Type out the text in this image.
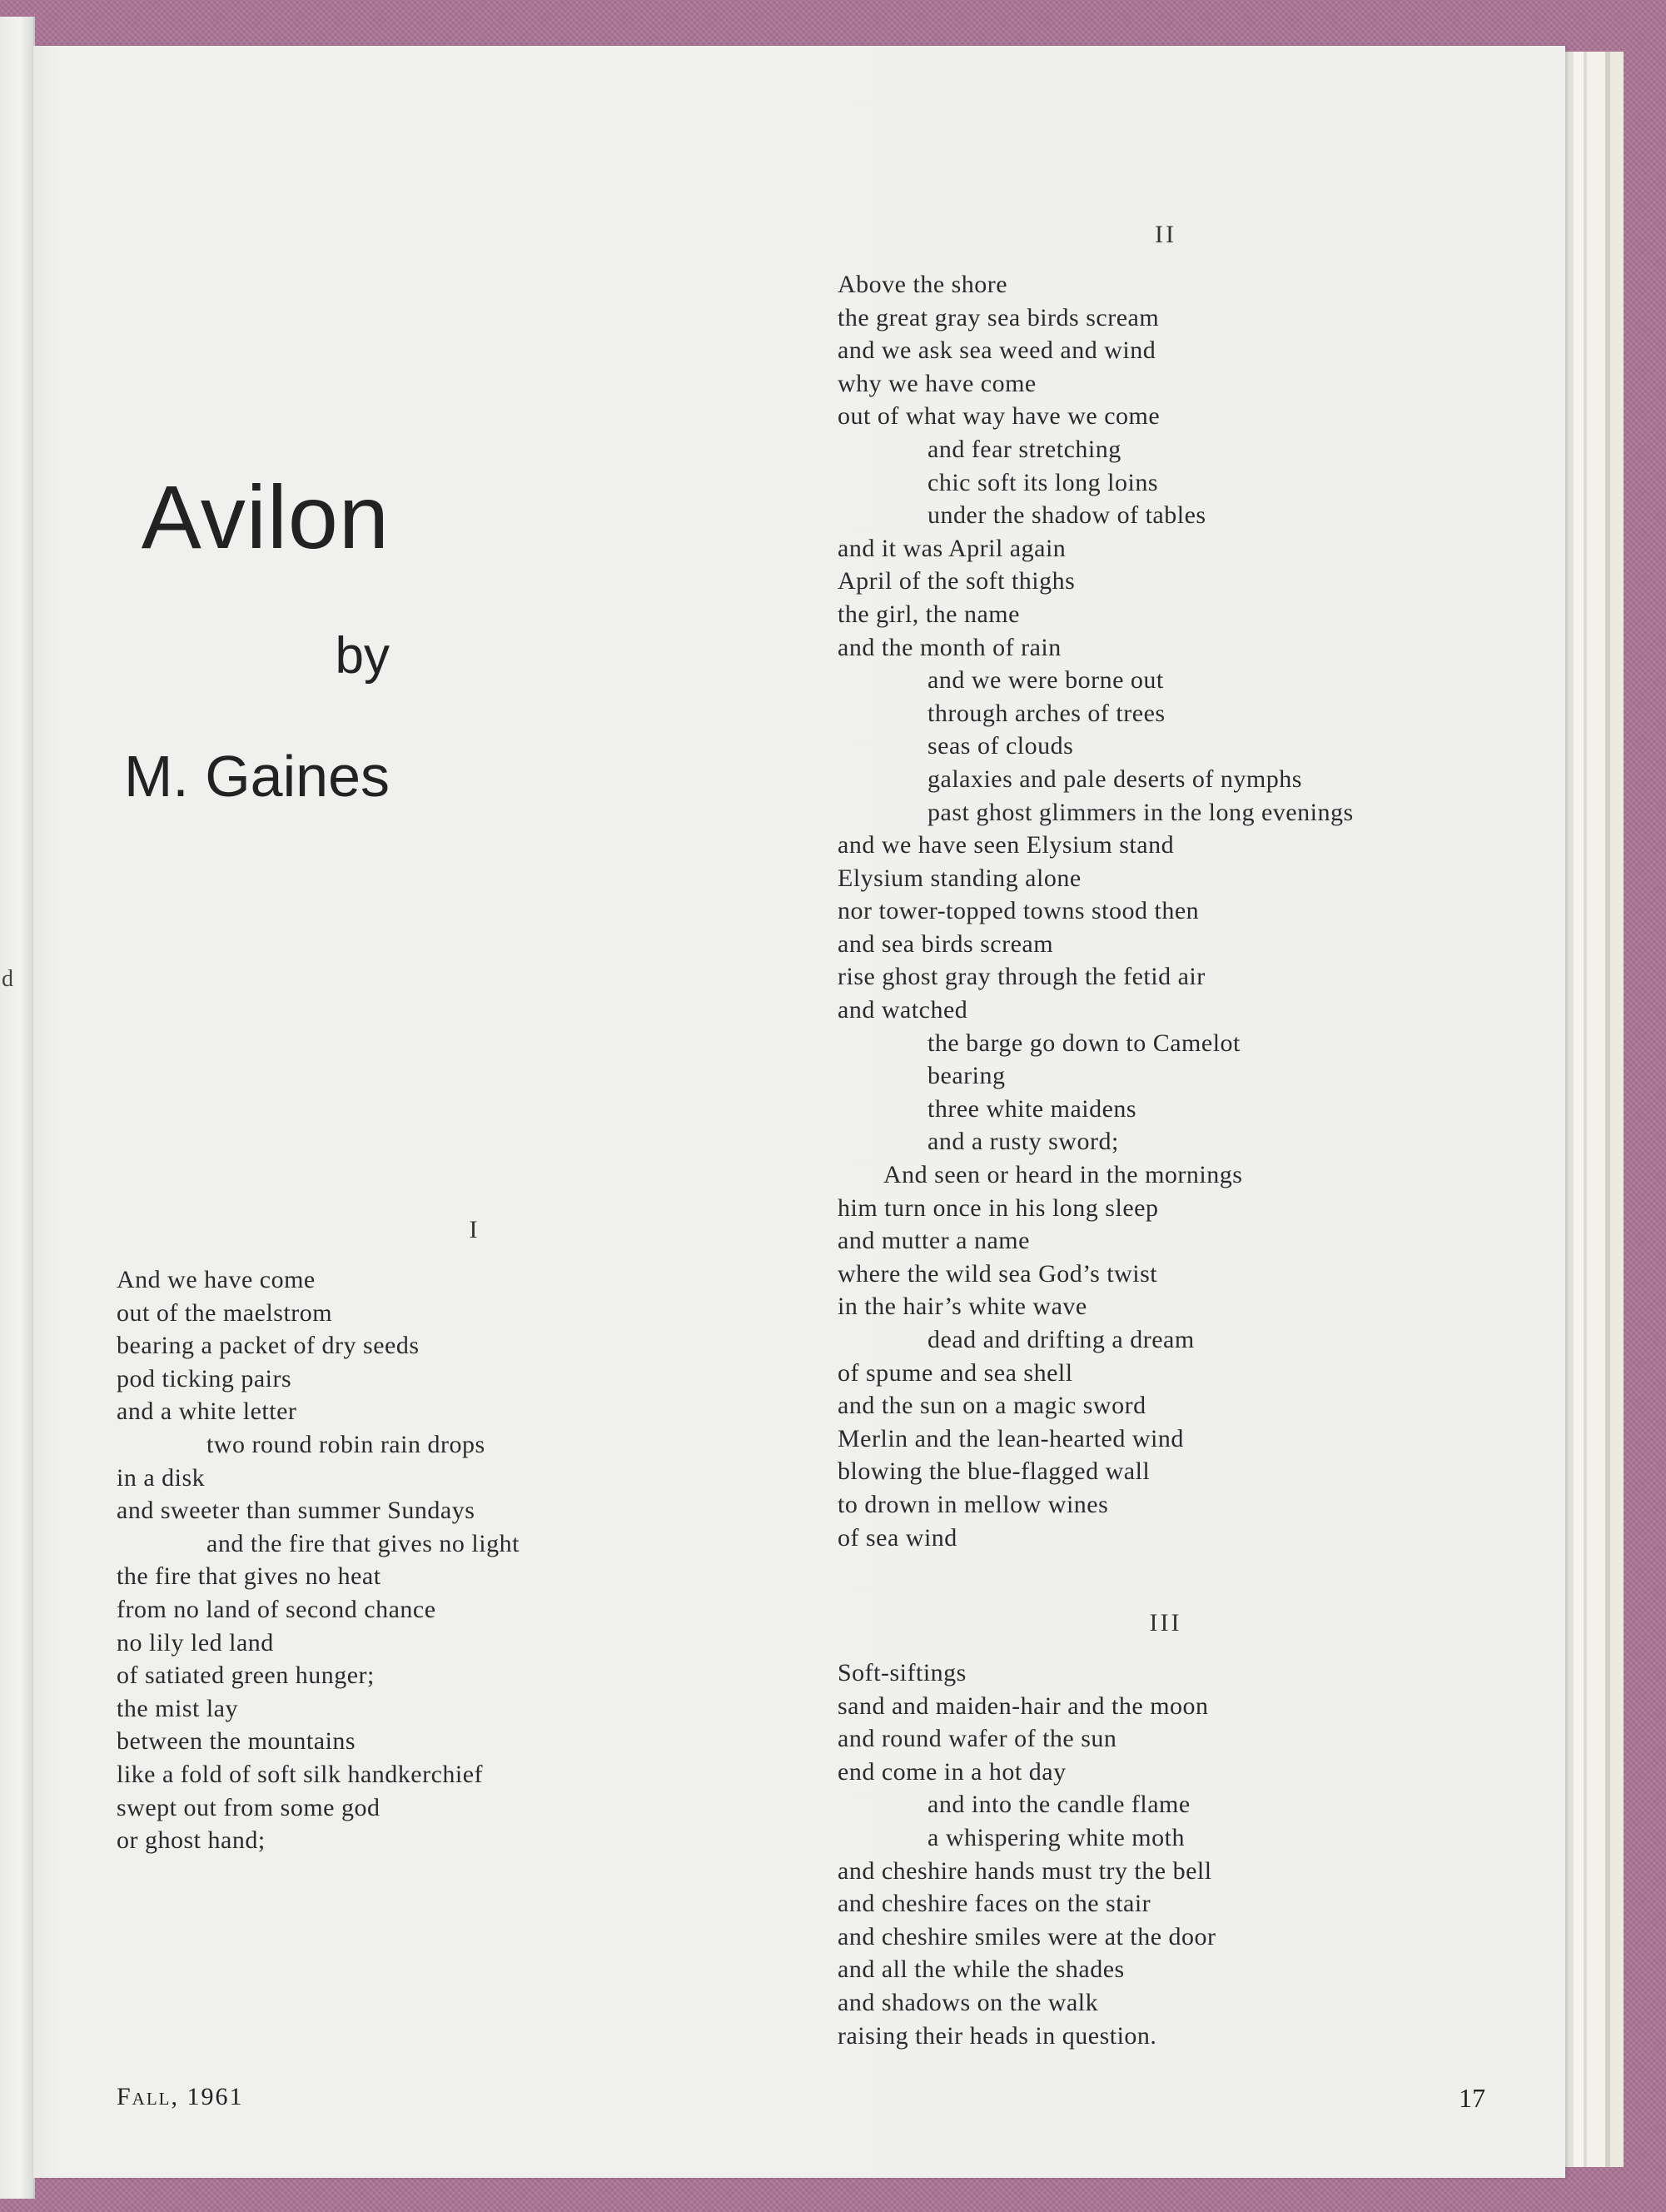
d
Avilon
by
M. Gaines
I
And we have come
out of the maelstrom
bearing a packet of dry seeds
pod ticking pairs
and a white letter
two round robin rain drops
in a disk
and sweeter than summer Sundays
and the fire that gives no light
the fire that gives no heat
from no land of second chance
no lily led land
of satiated green hunger;
the mist lay
between the mountains
like a fold of soft silk handkerchief
swept out from some god
or ghost hand;
II
Above the shore
the great gray sea birds scream
and we ask sea weed and wind
why we have come
out of what way have we come
and fear stretching
chic soft its long loins
under the shadow of tables
and it was April again
April of the soft thighs
the girl, the name
and the month of rain
and we were borne out
through arches of trees
seas of clouds
galaxies and pale deserts of nymphs
past ghost glimmers in the long evenings
and we have seen Elysium stand
Elysium standing alone
nor tower-topped towns stood then
and sea birds scream
rise ghost gray through the fetid air
and watched
the barge go down to Camelot
bearing
three white maidens
and a rusty sword;
And seen or heard in the mornings
him turn once in his long sleep
and mutter a name
where the wild sea God’s twist
in the hair’s white wave
dead and drifting a dream
of spume and sea shell
and the sun on a magic sword
Merlin and the lean-hearted wind
blowing the blue-flagged wall
to drown in mellow wines
of sea wind
III
Soft-siftings
sand and maiden-hair and the moon
and round wafer of the sun
end come in a hot day
and into the candle flame
a whispering white moth
and cheshire hands must try the bell
and cheshire faces on the stair
and cheshire smiles were at the door
and all the while the shades
and shadows on the walk
raising their heads in question.
Fall, 1961	17
